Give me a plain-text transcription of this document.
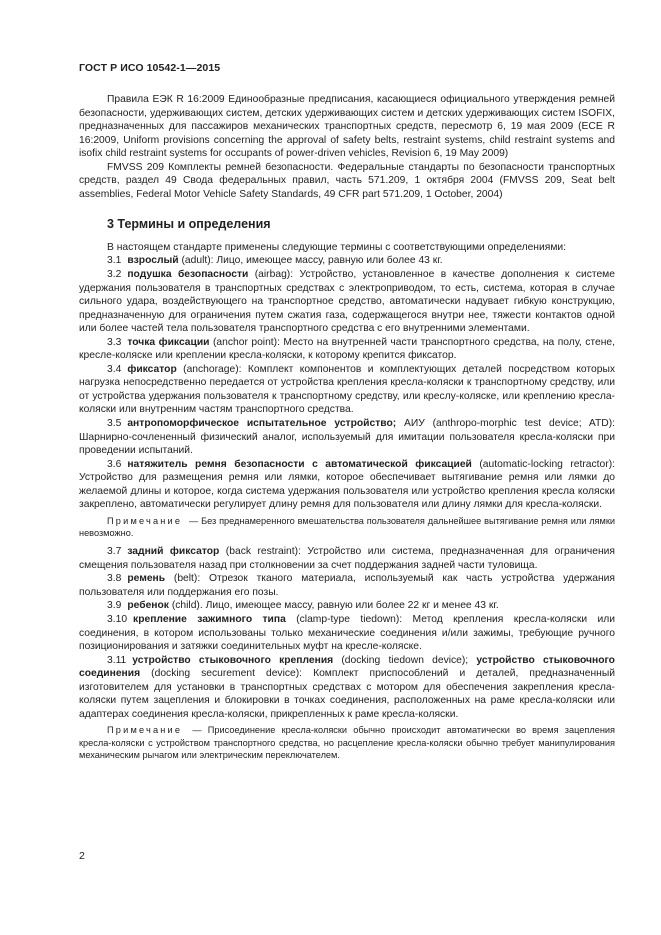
ГОСТ Р ИСО 10542-1—2015

Правила ЕЭК R 16:2009 Единообразные предписания, касающиеся официального утверждения ремней безопасности, удерживающих систем, детских удерживающих систем и детских удерживающих систем ISOFIX, предназначенных для пассажиров механических транспортных средств, пересмотр 6, 19 мая 2009 (ECE R 16:2009, Uniform provisions concerning the approval of safety belts, restraint systems, child restraint systems and isofix child restraint systems for occupants of power-driven vehicles, Revision 6, 19 May 2009)

FMVSS 209 Комплекты ремней безопасности. Федеральные стандарты по безопасности транспортных средств, раздел 49 Свода федеральных правил, часть 571.209, 1 октября 2004 (FMVSS 209, Seat belt assemblies, Federal Motor Vehicle Safety Standards, 49 CFR part 571.209, 1 October, 2004)

3 Термины и определения

В настоящем стандарте применены следующие термины с соответствующими определениями:

3.1 взрослый (adult): Лицо, имеющее массу, равную или более 43 кг.

3.2 подушка безопасности (airbag): Устройство, установленное в качестве дополнения к системе удержания пользователя в транспортных средствах с электроприводом, то есть, система, которая в случае сильного удара, воздействующего на транспортное средство, автоматически надувает гибкую конструкцию, предназначенную для ограничения путем сжатия газа, содержащегося внутри нее, тяжести контактов одной или более частей тела пользователя транспортного средства с его внутренними элементами.

3.3 точка фиксации (anchor point): Место на внутренней части транспортного средства, на полу, стене, кресле-коляске или креплении кресла-коляски, к которому крепится фиксатор.

3.4 фиксатор (anchorage): Комплект компонентов и комплектующих деталей посредством которых нагрузка непосредственно передается от устройства крепления кресла-коляски к транспортному средству, или от устройства удержания пользователя к транспортному средству, или креслу-коляске, или креплению кресла-коляски или внутренним частям транспортного средства.

3.5 антропоморфическое испытательное устройство; АИУ (anthropo-morphic test device; ATD): Шарнирно-сочлененный физический аналог, используемый для имитации пользователя кресла-коляски при проведении испытаний.

3.6 натяжитель ремня безопасности с автоматической фиксацией (automatic-locking retractor): Устройство для размещения ремня или лямки, которое обеспечивает вытягивание ремня или лямки до желаемой длины и которое, когда система удержания пользователя или устройство крепления кресла коляски закреплено, автоматически регулирует длину ремня для пользователя или длину лямки для кресла-коляски.

Примечание — Без преднамеренного вмешательства пользователя дальнейшее вытягивание ремня или лямки невозможно.

3.7 задний фиксатор (back restraint): Устройство или система, предназначенная для ограничения смещения пользователя назад при столкновении за счет поддержания задней части туловища.

3.8 ремень (belt): Отрезок тканого материала, используемый как часть устройства удержания пользователя или поддержания его позы.

3.9 ребенок (child). Лицо, имеющее массу, равную или более 22 кг и менее 43 кг.

3.10 крепление зажимного типа (clamp-type tiedown): Метод крепления кресла-коляски или соединения, в котором использованы только механические соединения и/или зажимы, требующие ручного позиционирования и затяжки соединительных муфт на кресле-коляске.

3.11 устройство стыковочного крепления (docking tiedown device); устройство стыковочного соединения (docking securement device): Комплект приспособлений и деталей, предназначенный изготовителем для установки в транспортных средствах с мотором для обеспечения закрепления кресла-коляски путем зацепления и блокировки в точках соединения, расположенных на раме кресла-коляски или адаптерах соединения кресла-коляски, прикрепленных к раме кресла-коляски.

Примечание — Присоединение кресла-коляски обычно происходит автоматически во время зацепления кресла-коляски с устройством транспортного средства, но расцепление кресла-коляски обычно требует манипулирования механическим рычагом или электрическим переключателем.
2
